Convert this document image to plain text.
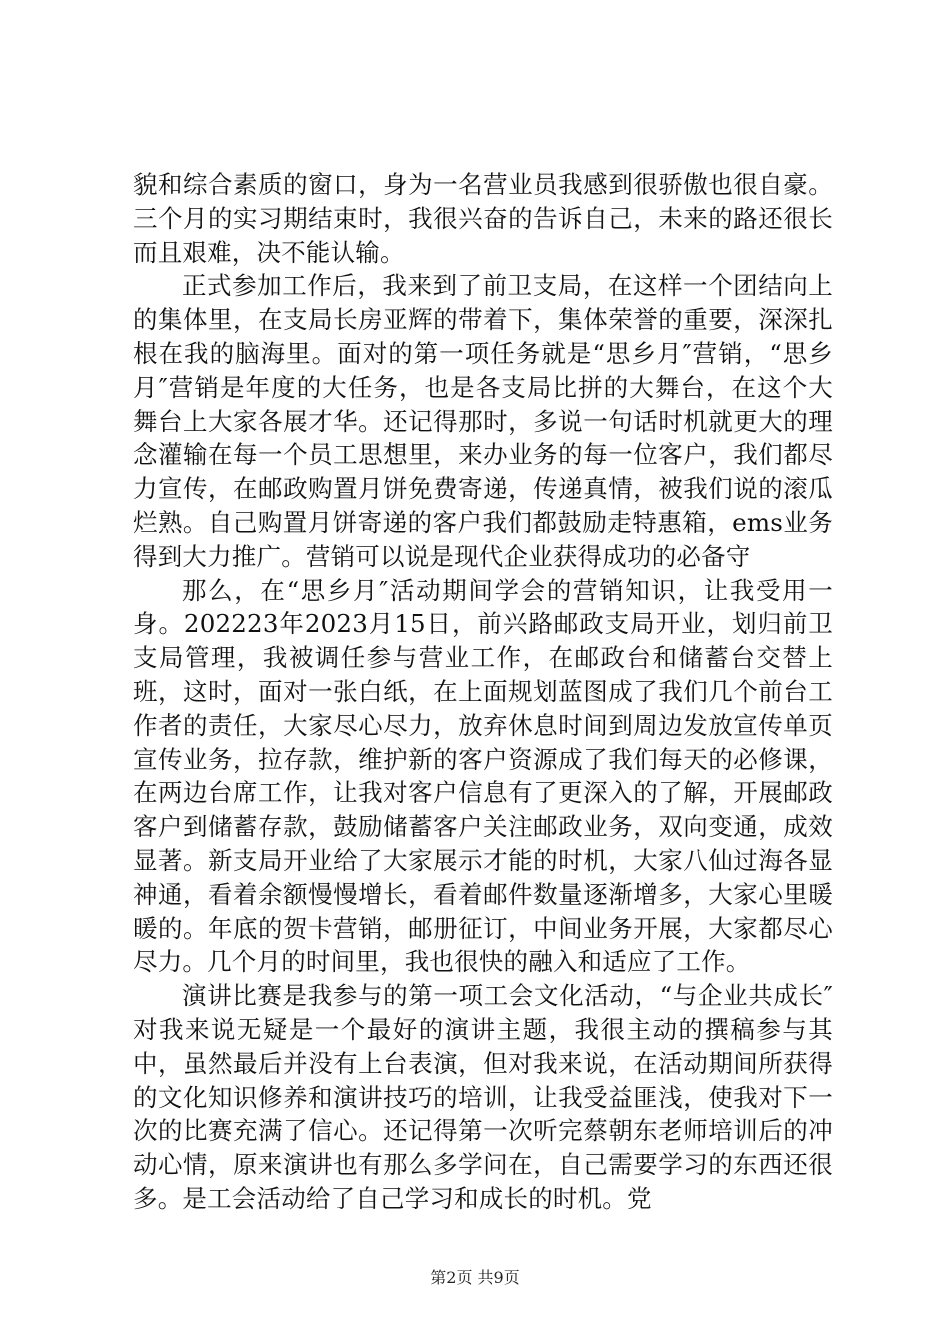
貌和综合素质的窗口，身为一名营业员我感到很骄傲也很自豪。三个月的实习期结束时，我很兴奋的告诉自己，未来的路还很长而且艰难，决不能认输。

正式参加工作后，我来到了前卫支局，在这样一个团结向上的集体里，在支局长房亚辉的带着下，集体荣誉的重要，深深扎根在我的脑海里。面对的第一项任务就是“思乡月″营销，“思乡月″营销是年度的大任务，也是各支局比拼的大舞台，在这个大舞台上大家各展才华。还记得那时，多说一句话时机就更大的理念灌输在每一个员工思想里，来办业务的每一位客户，我们都尽力宣传，在邮政购置月饼免费寄递，传递真情，被我们说的滚瓜烂熟。自己购置月饼寄递的客户我们都鼓励走特惠箱，ems业务得到大力推广。营销可以说是现代企业获得成功的必备守

那么，在“思乡月″活动期间学会的营销知识，让我受用一身。202223年2023月15日，前兴路邮政支局开业，划归前卫支局管理，我被调任参与营业工作，在邮政台和储蓄台交替上班，这时，面对一张白纸，在上面规划蓝图成了我们几个前台工作者的责任，大家尽心尽力，放弃休息时间到周边发放宣传单页宣传业务，拉存款，维护新的客户资源成了我们每天的必修课，在两边台席工作，让我对客户信息有了更深入的了解，开展邮政客户到储蓄存款，鼓励储蓄客户关注邮政业务，双向变通，成效显著。新支局开业给了大家展示才能的时机，大家八仙过海各显神通，看着余额慢慢增长，看着邮件数量逐渐增多，大家心里暖暖的。年底的贺卡营销，邮册征订，中间业务开展，大家都尽心尽力。几个月的时间里，我也很快的融入和适应了工作。

演讲比赛是我参与的第一项工会文化活动，“与企业共成长″对我来说无疑是一个最好的演讲主题，我很主动的撰稿参与其中，虽然最后并没有上台表演，但对我来说，在活动期间所获得的文化知识修养和演讲技巧的培训，让我受益匪浅，使我对下一次的比赛充满了信心。还记得第一次听完蔡朝东老师培训后的冲动心情，原来演讲也有那么多学问在，自己需要学习的东西还很多。是工会活动给了自己学习和成长的时机。党

第2页 共9页
